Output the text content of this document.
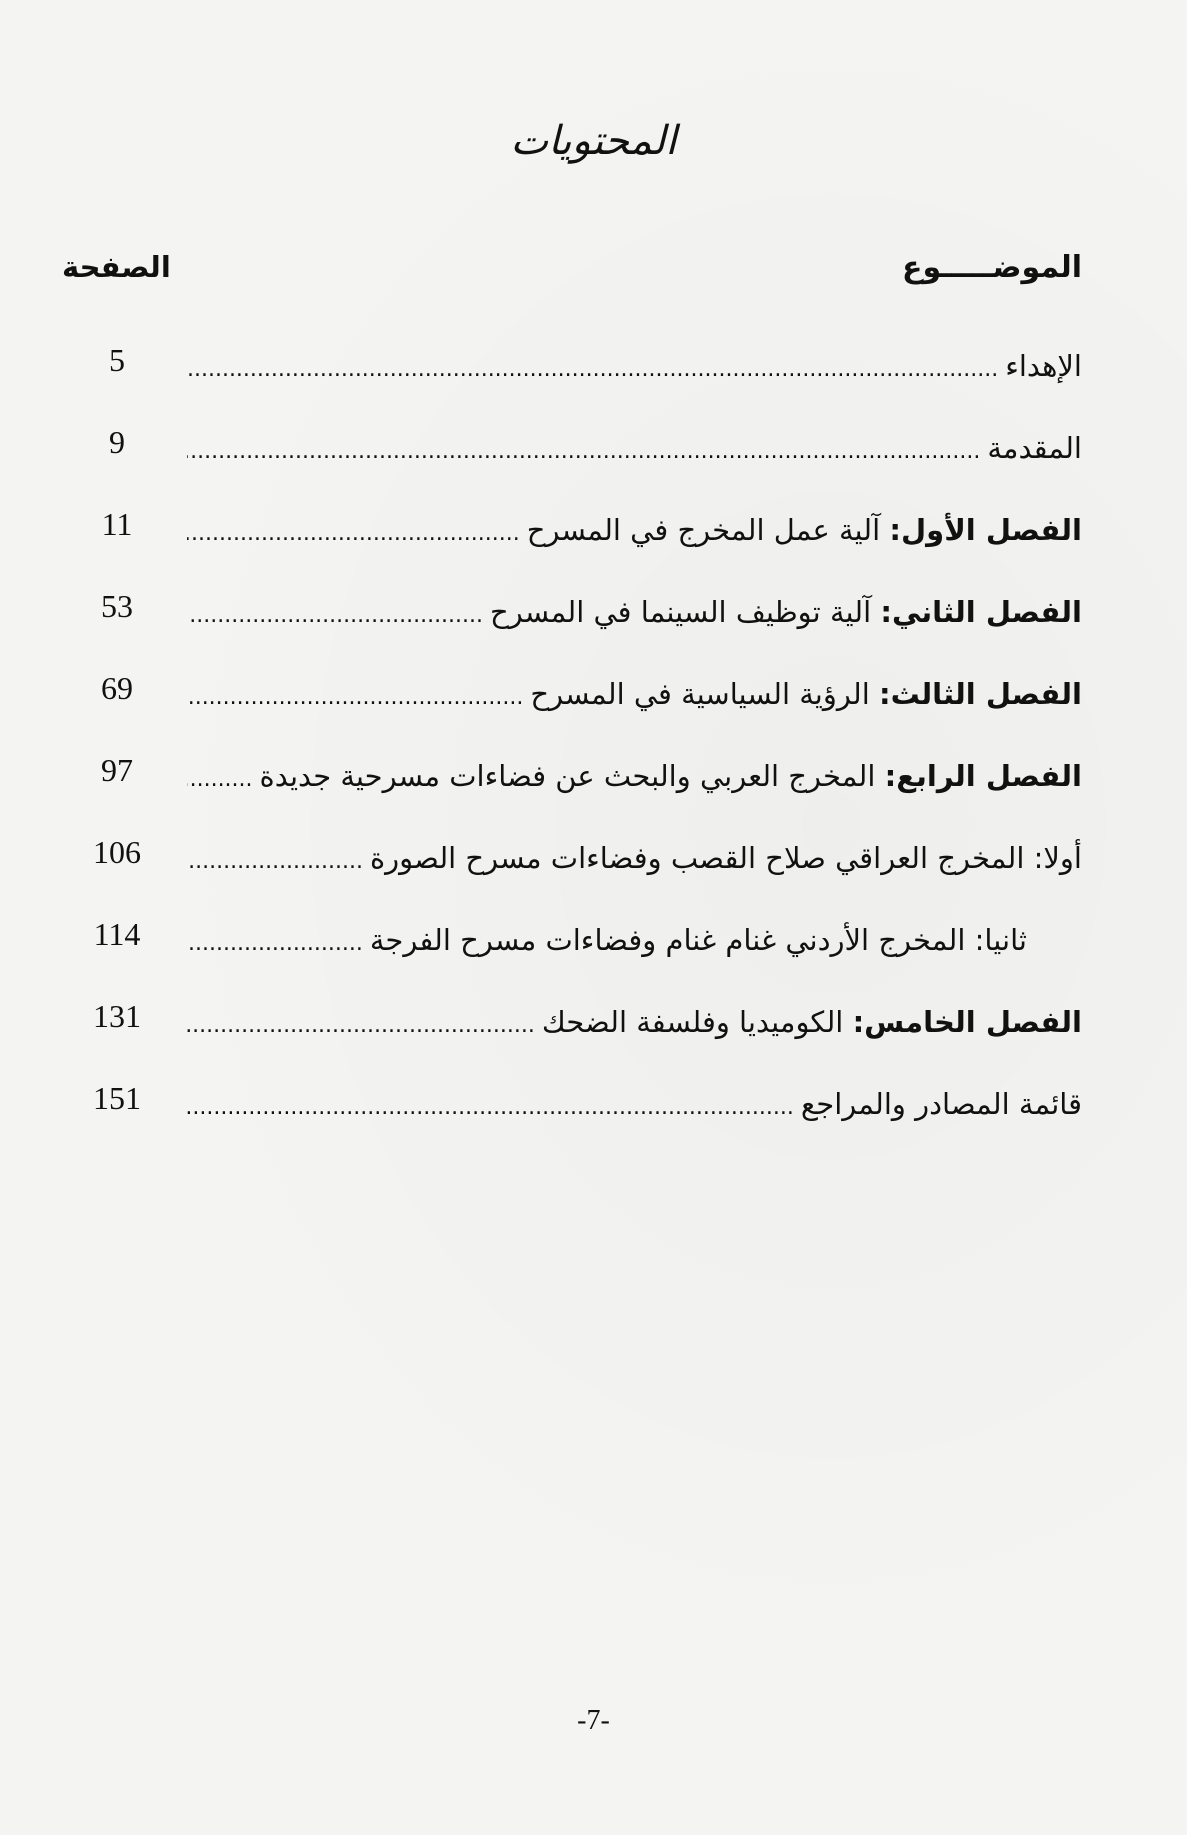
المحتويات
الموضـــــوع
الصفحة
الإهداء .....
5
المقدمة .....
9
الفصل الأول: آلية عمل المخرج في المسرح .....
11
الفصل الثاني: آلية توظيف السينما في المسرح .....
53
الفصل الثالث: الرؤية السياسية في المسرح .....
69
الفصل الرابع: المخرج العربي والبحث عن فضاءات مسرحية جديدة .....
97
أولا: المخرج العراقي صلاح القصب وفضاءات مسرح الصورة .....
106
ثانيا: المخرج الأردني غنام غنام وفضاءات مسرح الفرجة .....
114
الفصل الخامس: الكوميديا وفلسفة الضحك .....
131
قائمة المصادر والمراجع .....
151
-7-
